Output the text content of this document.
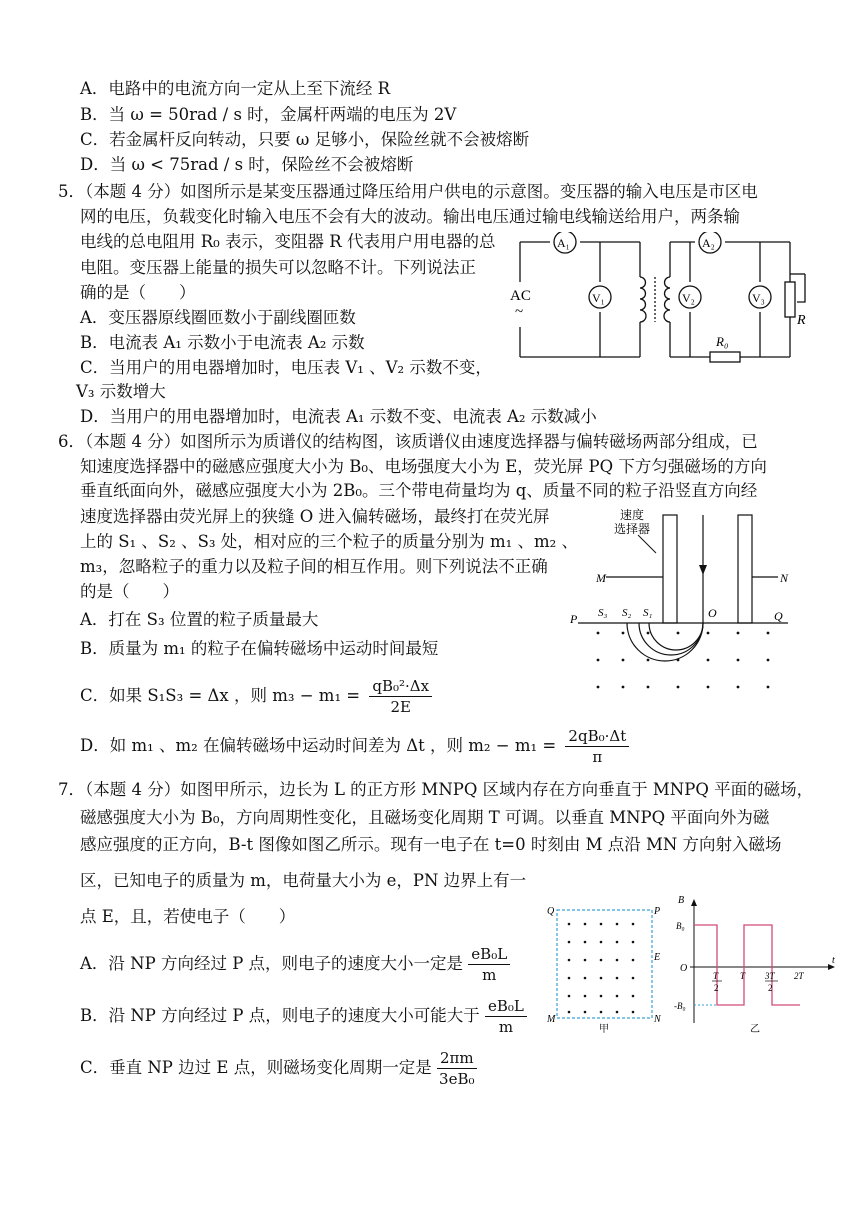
A．电路中的电流方向一定从上至下流经 R
B．当 ω = 50rad / s 时，金属杆两端的电压为 2V
C．若金属杆反向转动，只要 ω 足够小，保险丝就不会被熔断
D．当 ω < 75rad / s 时，保险丝不会被熔断
5．（本题 4 分）如图所示是某变压器通过降压给用户供电的示意图。变压器的输入电压是市区电
网的电压，负载变化时输入电压不会有大的波动。输出电压通过输电线输送给用户，两条输
电线的总电阻用 R₀ 表示，变阻器 R 代表用户用电器的总
电阻。变压器上能量的损失可以忽略不计。下列说法正
确的是（　　）
A．变压器原线圈匝数小于副线圈匝数
B．电流表 A₁ 示数小于电流表 A₂ 示数
C．当用户的用电器增加时，电压表 V₁ 、V₂ 示数不变，
V₃ 示数增大
D．当用户的用电器增加时，电流表 A₁ 示数不变、电流表 A₂ 示数减小
AC
~
A₁
V₁
A₂
V₂	V₃
R
R₀
6．（本题 4 分）如图所示为质谱仪的结构图，该质谱仪由速度选择器与偏转磁场两部分组成，已
知速度选择器中的磁感应强度大小为 B₀、电场强度大小为 E，荧光屏 PQ 下方匀强磁场的方向
垂直纸面向外，磁感应强度大小为 2B₀。三个带电荷量均为 q、质量不同的粒子沿竖直方向经
速度选择器由荧光屏上的狭缝 O 进入偏转磁场，最终打在荧光屏
上的 S₁ 、S₂ 、S₃ 处，相对应的三个粒子的质量分别为 m₁ 、m₂ 、
m₃，忽略粒子的重力以及粒子间的相互作用。则下列说法不正确
的是（　　）
A．打在 S₃ 位置的粒子质量最大
B．质量为 m₁ 的粒子在偏转磁场中运动时间最短
C．如果 S₁S₃ = Δx ，则 $m_3 - m_1 = \frac{\text{qB₀²·Δx}}{2E}$
D．如 m₁ 、m₂ 在偏转磁场中运动时间差为 Δt ，则 $m_2 - m_1 = \frac{\text{2qB₀·Δt}}{\pi}$
速度
选择器
M	N
P	Q
O
S₃ S₂ S₁
7．（本题 4 分）如图甲所示，边长为 L 的正方形 MNPQ 区域内存在方向垂直于 MNPQ 平面的磁场，
磁感强度大小为 B₀，方向周期性变化，且磁场变化周期 T 可调。以垂直 MNPQ 平面向外为磁
感应强度的正方向，B-t 图像如图乙所示。现有一电子在 t=0 时刻由 M 点沿 MN 方向射入磁场
区，已知电子的质量为 m，电荷量大小为 e，PN 边界上有一
点 E，且，若使电子（　　）
A．沿 NP 方向经过 P 点，则电子的速度大小一定是 $\frac{\text{eB₀L}}{m}$
B．沿 NP 方向经过 P 点，则电子的速度大小可能大于 $\frac{\text{eB₀L}}{m}$
C．垂直 NP 边过 E 点，则磁场变化周期一定是 $\frac{2\pi m}{\text{3eB₀}}$
Q	P
M	N
E
甲
B
t
O
B₀
-B₀
T
2
T 3T
2
2T
乙
